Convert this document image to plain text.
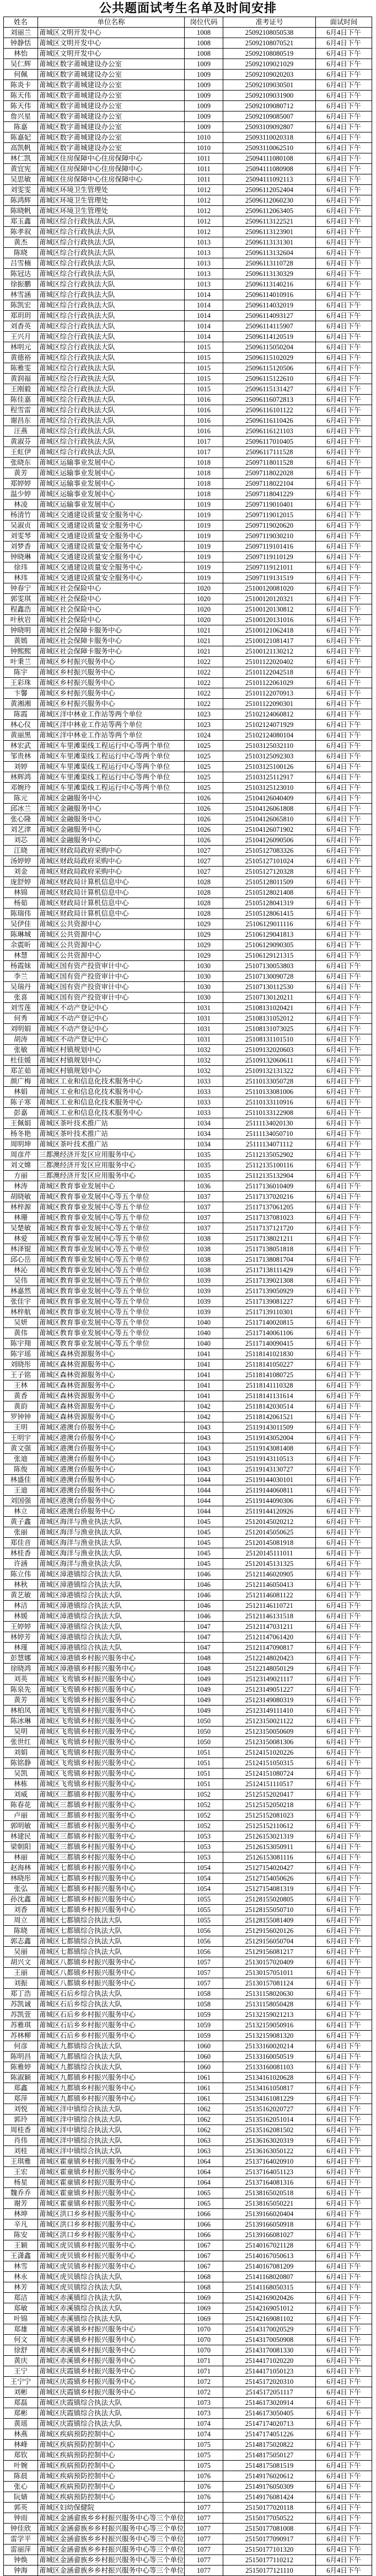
公共题面试考生名单及时间安排
姓名	单位名称	岗位代码	准考证号	面试时间
刘丽兰	莆城区文明开发中心	1008	25092108050538	6月4日下午
钟静恬	莆城区文明开发中心	1008	25092108070521	6月4日下午
林怡	莆城区文明开发中心	1008	25092108080519	6月4日下午
吴仁辉	莆城区数字莆城建设办公室	1009	25092109021029	6月4日下午
何佩	莆城区数字莆城建设办公室	1009	25092109020203	6月4日下午
陈炎卡	莆城区数字莆城建设办公室	1009	25092109030501	6月4日下午
陈天伟	莆城区数字莆城建设办公室	1009	25092109031900	6月4日下午
陈天伟	莆城区数字莆城建设办公室	1009	25092109080712	6月4日下午
詹兴星	莆城区数字莆城建设办公室	1009	25092109085007	6月4日下午
陈嘉	莆城区数字莆城建设办公室	1009	25093109092807	6月4日下午
陈嘉妃	莆城区数字莆城建设办公室	1010	25093110020318	6月4日下午
高凯帆	莆城区数字莆城建设办公室	1010	25093110062510	6月4日下午
林仁凯	莆城区住房保障中心住房保障中心	1011	25094111080108	6月4日下午
黄宜宪	莆城区住房保障中心住房保障中心	1011	25094111080908	6月4日下午
吴思敏	莆城区住房保障中心住房保障中心	1011	25094111092113	6月4日下午
刘雯雯	莆城区环境卫生管理处	1012	25096112052404	6月4日下午
陈鸿辉	莆城区环境卫生管理处	1012	25096112060230	6月4日下午
陈晓帆	莆城区环境卫生管理处	1012	25096112063405	6月4日下午
郑玉鑫	莆城区综合行政执法大队	1012	25096113122521	6月4日下午
陈孝叙	莆城区综合行政执法大队	1012	25096113123901	6月4日下午
黄杰	莆城区综合行政执法大队	1013	25096113131301	6月4日下午
陈晓	莆城区综合行政执法大队	1013	25096113132604	6月4日下午
吕雪楠	莆城区综合行政执法大队	1013	25096113110728	6月4日下午
陈冠达	莆城区综合行政执法大队	1013	25096113130329	6月4日下午
徐振鹏	莆城区综合行政执法大队	1013	25096113140216	6月4日下午
林雪涵	莆城区综合行政执法大队	1014	25096114010916	6月4日下午
陈凯宏	莆城区综合行政执法大队	1014	25096114032019	6月4日下午
郑玥玥	莆城区综合行政执法大队	1014	25096114093127	6月4日下午
刘香英	莆城区综合行政执法大队	1014	25096114115907	6月4日下午
王兴月	莆城区综合行政执法大队	1014	25096114120519	6月4日下午
林明元	莆城区综合行政执法大队	1015	25096115050204	6月4日下午
黄德裕	莆城区综合行政执法大队	1015	25096115102029	6月4日下午
陈雅雯	莆城区综合行政执法大队	1015	25096115120506	6月4日下午
黄润福	莆城区综合行政执法大队	1015	25096115122610	6月4日下午
王刚毅	莆城区综合行政执法大队	1015	25096115131427	6月4日下午
陈佳嘉	莆城区综合行政执法大队	1016	25096116072813	6月4日下午
程雪雷	莆城区综合行政执法大队	1016	25096116101122	6月4日下午
谢昌东	莆城区综合行政执法大队	1016	25096116110426	6月4日下午
汪燕	莆城区综合行政执法大队	1016	25096116121103	6月4日下午
黄淑芬	莆城区综合行政执法大队	1017	25096117010405	6月4日下午
王虹伊	莆城区综合行政执法大队	1017	25096117111528	6月4日下午
张晓东	莆城区运输事业发展中心	1018	25097118011528	6月4日下午
黄芳	莆城区运输事业发展中心	1018	25097118022028	6月4日下午
郑婷婷	莆城区运输事业发展中心	1018	25097118022104	6月4日下午
温少婷	莆城区运输事业发展中心	1018	25097118041229	6月4日下午
林凌	莆城区运输事业发展中心	1019	25097119010401	6月4日下午
杨清竹	莆城区交通建设质量安全服务中心	1019	25097119012015	6月4日下午
吴淑贞	莆城区交通建设质量安全服务中心	1019	25097119020620	6月4日下午
刘雯琴	莆城区交通建设质量安全服务中心	1019	25097119030210	6月4日下午
刘梦香	莆城区交通建设质量安全服务中心	1019	25097119101416	6月4日下午
钟晓琳	莆城区交通建设质量安全服务中心	1019	25097119110129	6月4日下午
徐玮	莆城区交通建设质量安全服务中心	1019	25097119121011	6月4日下午
林玮	莆城区交通建设质量安全服务中心	1019	25097119131519	6月4日下午
钟春宁	莆城区社会保险中心	1020	25100120081020	6月4日下午
郭雯琪	莆城区社会保险中心	1020	25100120120321	6月4日下午
程鑫浩	莆城区社会保险中心	1020	25100120130812	6月4日下午
叶秋岩	莆城区社会保险中心	1020	25100120131016	6月4日下午
钟晓明	莆城区社会保障卡服务中心	1021	25100121062418	6月4日下午
黄嫣	莆城区社会保障卡服务中心	1021	25100121081417	6月4日下午
钟熙熙	莆城区社会保障卡服务中心	1021	25100121130212	6月4日下午
叶秉兰	莆城区乡村振兴服务中心	1022	25101122020402	6月4日下午
陈宇	莆城区乡村振兴服务中心	1022	25101122042518	6月4日下午
王彩珠	莆城区乡村振兴服务中心	1022	25101122061029	6月4日下午
卞馨	莆城区乡村振兴服务中心	1022	25101122070913	6月4日下午
黄湘湘	莆城区乡村振兴服务中心	1022	25101122090301	6月4日下午
陈霞	莆城区洋中林业工作站等两个单位	1023	25102124060812	6月4日下午
林心仪	莆城区洋中林业工作站等两个单位	1023	25102124071929	6月4日下午
黄丽黑	莆城区洋中林业工作站等两个单位	1024	25102124080104	6月4日下午
林宏武	莆城区车里滩渠线工程运行中心等两个单位	1025	25103125032110	6月4日下午
邹贵林	莆城区车里滩渠线工程运行中心等两个单位	1025	25103125092303	6月4日下午
刘婷	莆城区车里滩渠线工程运行中心等两个单位	1025	25103125100126	6月4日下午
林辉鸿	莆城区车里滩渠线工程运行中心等两个单位	1025	25103125112917	6月4日下午
邓婉玲	莆城区车里滩渠线工程运行中心等两个单位	1025	25103125123010	6月4日下午
陈元	莆城区金融服务中心	1026	25104126040409	6月4日下午
邱冰兰	莆城区金融服务中心	1026	25104126061808	6月4日下午
张心隆	莆城区金融服务中心	1026	25104126065810	6月4日下午
刘艺津	莆城区金融服务中心	1026	25104126071902	6月4日下午
刘芯	莆城区金融服务中心	1026	25104126090506	6月4日下午
江晓	莆城区财政局政府采购中心	1027	25105127083326	6月4日下午
汤婷婷	莆城区财政局政府采购中心	1027	25105127101024	6月4日下午
刘金	莆城区财政局政府采购中心	1027	25105127120328	6月4日下午
庞舒婷	莆城区财政局计算机信息中心	1028	25105128011509	6月4日下午
林锦	莆城区财政局计算机信息中心	1028	25105128021408	6月4日下午
杨茹	莆城区财政局计算机信息中心	1028	25105128041319	6月4日下午
陈瑞伟	莆城区财政局计算机信息中心	1028	25105128061415	6月4日下午
吴伊佳	莆城区公共资源中心	1029	25106129011116	6月4日下午
陈琳城	莆城区公共资源中心	1029	25106129041813	6月4日下午
余震昕	莆城区公共资源中心	1029	25106129090305	6月4日下午
林慧	莆城区公共资源中心	1029	25106129121315	6月4日下午
杨霞妹	莆城区国有资产投资审计中心	1030	25107130053803	6月4日下午
李兰	莆城区国有资产投资审计中心	1030	25107130090728	6月4日下午
吴瑞丹	莆城区国有资产投资审计中心	1030	25107130112530	6月4日下午
张喜	莆城区国有资产投资审计中心	1030	25107130120211	6月4日下午
刘雪莲	莆城区不动产登记中心	1031	25108131020421	6月4日下午
何秀	莆城区不动产登记中心	1031	25108131052012	6月4日下午
刘明娟	莆城区不动产登记中心	1031	25108131073025	6月4日下午
胡涛	莆城区不动产登记中心	1031	25108131101510	6月4日下午
张敏	莆城区村镇规划中心	1032	25109132020603	6月4日下午
杜佳媛	莆城区村镇规划中心	1032	25109132060611	6月4日下午
郑芷茹	莆城区村镇规划中心	1032	25109132131322	6月4日下午
颜广梅	莆城区工业和信息化技术服务中心	1033	25110133050728	6月4日下午
林娟	莆城区工业和信息化技术服务中心	1033	25110133081006	6月4日下午
陈子寒	莆城区工业和信息化技术服务中心	1033	25110133110916	6月4日下午
彭嘉	莆城区工业和信息化技术服务中心	1033	25110133122908	6月4日下午
王佩娟	莆城区茶叶技术推广站	1034	25111134020130	6月4日下午
杨冬艳	莆城区茶叶技术推广站	1034	25111134050710	6月4日下午
周明坤	莆城区茶叶技术推广站	1034	25111134071112	6月4日下午
周彦芹	三都澳经济开发区应用服务中心	1035	25112135052902	6月4日下午
刘文嫦	三都澳经济开发区应用服务中心	1035	25112135100116	6月4日下午
方丽	三都澳经济开发区应用服务中心	1035	25112135132904	6月4日下午
林涛	莆城区教育事业发展中心	1036	25117136010409	6月4日下午
胡晓敏	莆城区教育事业发展中心等五个单位	1037	25117137020216	6月4日下午
林梓源	莆城区教育事业发展中心等五个单位	1037	25117137061205	6月4日下午
林珊	莆城区教育事业发展中心等五个单位	1037	25117137081023	6月4日下午
吴楚敏	莆城区教育事业发展中心等五个单位	1037	25117137121720	6月4日下午
林爱	莆城区教育事业发展中心等五个单位	1038	25117138021211	6月4日下午
林泽锟	莆城区教育事业发展中心等五个单位	1038	25117138051818	6月4日下午
邱心岳	莆城区教育事业发展中心等五个单位	1038	25117138081704	6月4日下午
林沁	莆城区教育事业发展中心等五个单位	1038	25117138111429	6月4日下午
吴伟	莆城区教育事业发展中心等五个单位	1039	25117139021308	6月4日下午
林嘉然	莆城区教育事业发展中心等五个单位	1039	25117139050929	6月4日下午
张佳宇	莆城区教育事业发展中心等五个单位	1039	25117139081227	6月4日下午
林梓航	莆城区教育事业发展中心等五个单位	1039	25117139110301	6月4日下午
吴妍	莆城区教育事业发展中心等五个单位	1040	25117140020815	6月4日下午
黄伟	莆城区教育事业发展中心等五个单位	1040	25117140061106	6月4日下午
陈宇翔	莆城区教育事业发展中心等五个单位	1040	25117140090415	6月4日下午
陈宇瑶	莆城区森林资源服务中心	1041	25118141021830	6月4日下午
刘晓彤	莆城区森林资源服务中心	1041	25118141050227	6月4日下午
王子铭	莆城区森林资源服务中心	1041	25118141080725	6月4日下午
王林	莆城区森林资源服务中心	1041	25118141110328	6月4日下午
黄香	莆城区森林资源服务中心	1041	25118141131614	6月4日下午
黄韵	莆城区森林资源服务中心	1042	25118142030514	6月4日下午
罗钟钟	莆城区森林资源服务中心	1042	25118142061521	6月4日下午
王明	莆城区港澳台侨服务中心	1043	25119143011509	6月4日下午
王明宇	莆城区港澳台侨服务中心	1043	25119143052004	6月4日下午
黄文强	莆城区港澳台侨服务中心	1043	25119143081408	6月4日下午
张迪	莆城区港澳台侨服务中心	1043	25119143110513	6月4日下午
陈俊	莆城区港澳台侨服务中心	1043	25119143130727	6月4日下午
林盛佳	莆城区港澳台侨服务中心	1044	25119144030101	6月4日下午
王迪	莆城区港澳台侨服务中心	1044	25119144060811	6月4日下午
刘国强	莆城区港澳台侨服务中心	1044	25119144090306	6月4日下午
林立	莆城区港澳台侨服务中心	1044	25119144120926	6月4日下午
黄子鑫	莆城区海洋与渔业执法大队	1045	25120145020212	6月4日下午
张丽	莆城区海洋与渔业执法大队	1045	25120145050625	6月4日下午
郑佳音	莆城区海洋与渔业执法大队	1045	25120145081918	6月4日下午
林桂香	莆城区海洋与渔业执法大队	1045	25120145111011	6月4日下午
许涵	莆城区海洋与渔业执法大队	1045	25120145131325	6月4日下午
陈立伟	莆城区漳港镇综合执法大队	1046	25121146020905	6月4日下午
林秋	莆城区漳港镇综合执法大队	1046	25121146050413	6月4日下午
黄艺敏	莆城区漳港镇综合执法大队	1046	25121146081122	6月4日下午
林洁	莆城区漳港镇综合执法大队	1046	25121146110721	6月4日下午
林媛	莆城区漳港镇综合执法大队	1046	25121146131518	6月4日下午
王婷婷	莆城区漳港镇综合执法大队	1047	25121147031211	6月4日下午
林婷芳	莆城区漳港镇综合执法大队	1047	25121147061420	6月4日下午
林瑾	莆城区漳港镇综合执法大队	1047	25121147090817	6月4日下午
彭慧娜	莆城区漳港镇乡村振兴服务中心	1048	25122148020423	6月4日下午
徐晓鸿	莆城区漳港镇乡村振兴服务中心	1048	25122148050129	6月4日下午
刘英	莆城区飞鸾镇乡村振兴服务中心	1049	25123149021117	6月4日下午
陈泉先	莆城区飞鸾镇乡村振兴服务中心	1049	25123149051227	6月4日下午
黄芳	莆城区飞鸾镇乡村振兴服务中心	1049	25123149080319	6月4日下午
林柏凤	莆城区飞鸾镇乡村振兴服务中心	1049	25123149111410	6月4日下午
陈冰琳	莆城区飞鸾镇乡村振兴服务中心	1050	25123150021122	6月4日下午
吴明	莆城区飞鸾镇乡村振兴服务中心	1050	25123150050609	6月4日下午
张世红	莆城区飞鸾镇乡村振兴服务中心	1050	25123150081306	6月4日下午
刘娟	莆城区飞鸾镇乡村振兴服务中心	1051	25124151020226	6月4日下午
陈铭静	莆城区飞鸾镇乡村振兴服务中心	1051	25124151050315	6月4日下午
吴凯	莆城区飞鸾镇乡村振兴服务中心	1051	25124151080724	6月4日下午
林栋	莆城区飞鸾镇乡村振兴服务中心	1051	25124151110517	6月4日下午
刘威	莆城区三都镇乡村振兴服务中心	1052	25125152020417	6月4日下午
陈春花	莆城区三都镇乡村振兴服务中心	1052	25125152050218	6月4日下午
卢丽	莆城区三都镇乡村振兴服务中心	1052	25125152081023	6月4日下午
郭明敏	莆城区三都镇乡村振兴服务中心	1052	25125152110612	6月4日下午
林建民	莆城区三都镇乡村振兴服务中心	1053	25126153021319	6月4日下午
梁朝阳	莆城区三都镇乡村振兴服务中心	1053	25126153050911	6月4日下午
林丽	莆城区三都镇乡村振兴服务中心	1053	25126153081116	6月4日下午
赵海林	莆城区七都镇乡村振兴服务中心	1054	25127154020427	6月4日下午
林晓彤	莆城区七都镇乡村振兴服务中心	1054	25127154050626	6月4日下午
张弘	莆城区七都镇乡村振兴服务中心	1054	25127154081319	6月4日下午
孙沈鑫	莆城区七都镇乡村振兴服务中心	1055	25128155020805	6月4日下午
刘香	莆城区七都镇乡村振兴服务中心	1055	25128155050710	6月4日下午
周立	莆城区七都镇综合执法大队	1055	25128155081409	6月4日下午
陈晓	莆城区七都镇综合执法大队	1056	25129156020126	6月4日下午
郭志鑫	莆城区七都镇综合执法大队	1056	25129156050704	6月4日下午
吴丽	莆城区七都镇综合执法大队	1056	25129156081217	6月4日下午
胡兴文	莆城区八都镇乡村振兴服务中心	1057	25130157020409	6月4日下午
王丽	莆城区八都镇乡村振兴服务中心	1057	25130157051011	6月4日下午
刘振	莆城区八都镇乡村振兴服务中心	1057	25130157081124	6月4日下午
郑丁浩	莆城区石后乡综合执法大队	1058	25131158020630	6月4日下午
苏凯诚	莆城区石后乡综合执法大队	1058	25131158050428	6月4日下午
苏凯萱	莆城区石后乡乡村振兴服务中心	1059	25132159021213	6月4日下午
苏雅琪	莆城区石后乡乡村振兴服务中心	1059	25132159050916	6月4日下午
苏林柳	莆城区石后乡乡村振兴服务中心	1059	25132159081320	6月4日下午
何彦	莆城区九都镇综合执法大队	1060	25133160020214	6月4日下午
陈明昌	莆城区九都镇综合执法大队	1060	25133160050519	6月4日下午
陈雅婷	莆城区九都镇综合执法大队	1060	25133160081103	6月4日下午
陈淑颖	莆城区九都镇乡村振兴服务中心	1061	25134161020628	6月4日下午
郑鑫	莆城区九都镇乡村振兴服务中心	1061	25134161050817	6月4日下午
郑萍	莆城区九都镇乡村振兴服务中心	1061	25134161081229	6月4日下午
刘悦	莆城区洋中镇综合执法大队	1062	25135162020727	6月4日下午
郭玲	莆城区洋中镇综合执法大队	1062	25135162051014	6月4日下午
周桂香	莆城区洋中镇综合执法大队	1062	25135162081502	6月4日下午
肖伟	莆城区洋中镇综合执法大队	1063	25136163020319	6月4日下午
刘桂	莆城区洋中镇综合执法大队	1063	25136163050122	6月4日下午
王琪雅	莆城区霍童镇乡村振兴服务中心	1064	25137164020910	6月4日下午
王宏	莆城区霍童镇乡村振兴服务中心	1064	25137164051123	6月4日下午
杨星	莆城区霍童镇乡村振兴服务中心	1064	25137164081316	6月4日下午
魏乔乔	莆城区霍童镇乡村振兴服务中心	1065	25138165020518	6月4日下午
谢芳	莆城区霍童镇乡村振兴服务中心	1065	25138165050221	6月4日下午
林坤	莆城区洪口乡乡村振兴服务中心	1066	25139166020404	6月4日下午
辛凡	莆城区洪口乡乡村振兴服务中心	1066	25139166050918	6月4日下午
陈安	莆城区洪口乡乡村振兴服务中心	1066	25139166081027	6月4日下午
王颖	莆城区虎贝镇乡村振兴服务中心	1067	25140167021128	6月4日下午
王潇鑫	莆城区虎贝镇乡村振兴服务中心	1067	25140167050613	6月4日下午
林雪	莆城区虎贝镇乡村振兴服务中心	1067	25140167081209	6月4日下午
林永	莆城区虎贝镇综合执法大队	1068	25141168020807	6月4日下午
林芳	莆城区虎贝镇综合执法大队	1068	25141168050315	6月4日下午
郑洁	莆城区赤溪镇综合执法大队	1069	25142169020426	6月4日下午
郑敏	莆城区赤溪镇综合执法大队	1069	25142169051012	6月4日下午
叶锦	莆城区赤溪镇综合执法大队	1069	25142169081102	6月4日下午
郑雄	莆城区赤溪镇乡村振兴服务中心	1070	25143170020529	6月4日下午
何文	莆城区赤溪镇乡村振兴服务中心	1070	25143170050908	6月4日下午
徐舒	莆城区赤溪镇乡村振兴服务中心	1070	25143170081330	6月4日下午
黄庆	莆城区赤溪镇乡村振兴服务中心	1071	25144171020220	6月4日下午
王宁	莆城区庆霞镇乡村振兴服务中心	1071	25144171050123	6月4日下午
王宁宁	莆城区庆霞镇乡村振兴服务中心	1072	25145172020310	6月4日下午
刘彬	莆城区庆霞镇乡村振兴服务中心	1072	25145172051117	6月4日下午
郑磊	莆城区庆霞镇综合执法大队	1073	25146173020914	6月4日下午
郑彬	莆城区庆霞镇综合执法大队	1073	25146173050405	6月4日下午
黄瑶	莆城区庆霞镇综合执法大队	1074	25147174020713	6月4日下午
林燕	莆城区疾病预防控制中心	1074	25147174051226	6月4日下午
林峰	莆城区疾病预防控制中心	1075	25148175020822	6月4日下午
郑钦	莆城区疾病预防控制中心	1075	25148175050127	6月4日下午
叶婉	莆城区疾病预防控制中心	1075	25148175081519	6月4日下午
陈晨	莆城区疾病预防控制中心	1076	25149176020612	6月4日下午
张心	莆城区疾病预防控制中心	1076	25149176050309	6月4日下午
阮婧	莆城区疾病预防控制中心	1076	25149176081424	6月4日下午
郭英	莆城区妇幼保健院	1077	25150177020118	6月4日下午
钟雨	莆城区金涵畲族乡乡村振兴服务中心等三个单位	1077	25150177050522	6月4日下午
钟佳欣	莆城区金涵畲族乡乡村振兴服务中心等三个单位	1077	25150177081008	6月4日下午
雷学平	莆城区金涵畲族乡乡村振兴服务中心等三个单位	1077	25150177090917	6月4日下午
雷丽萍	莆城区金涵畲族乡乡村振兴服务中心等三个单位	1077	25150177101320	6月4日下午
钟焕	莆城区金涵畲族乡乡村振兴服务中心等三个单位	1077	25150177110212	6月4日下午
钟海	莆城区金涵畲族乡乡村振兴服务中心等三个单位	1077	25150177121110	6月4日下午
